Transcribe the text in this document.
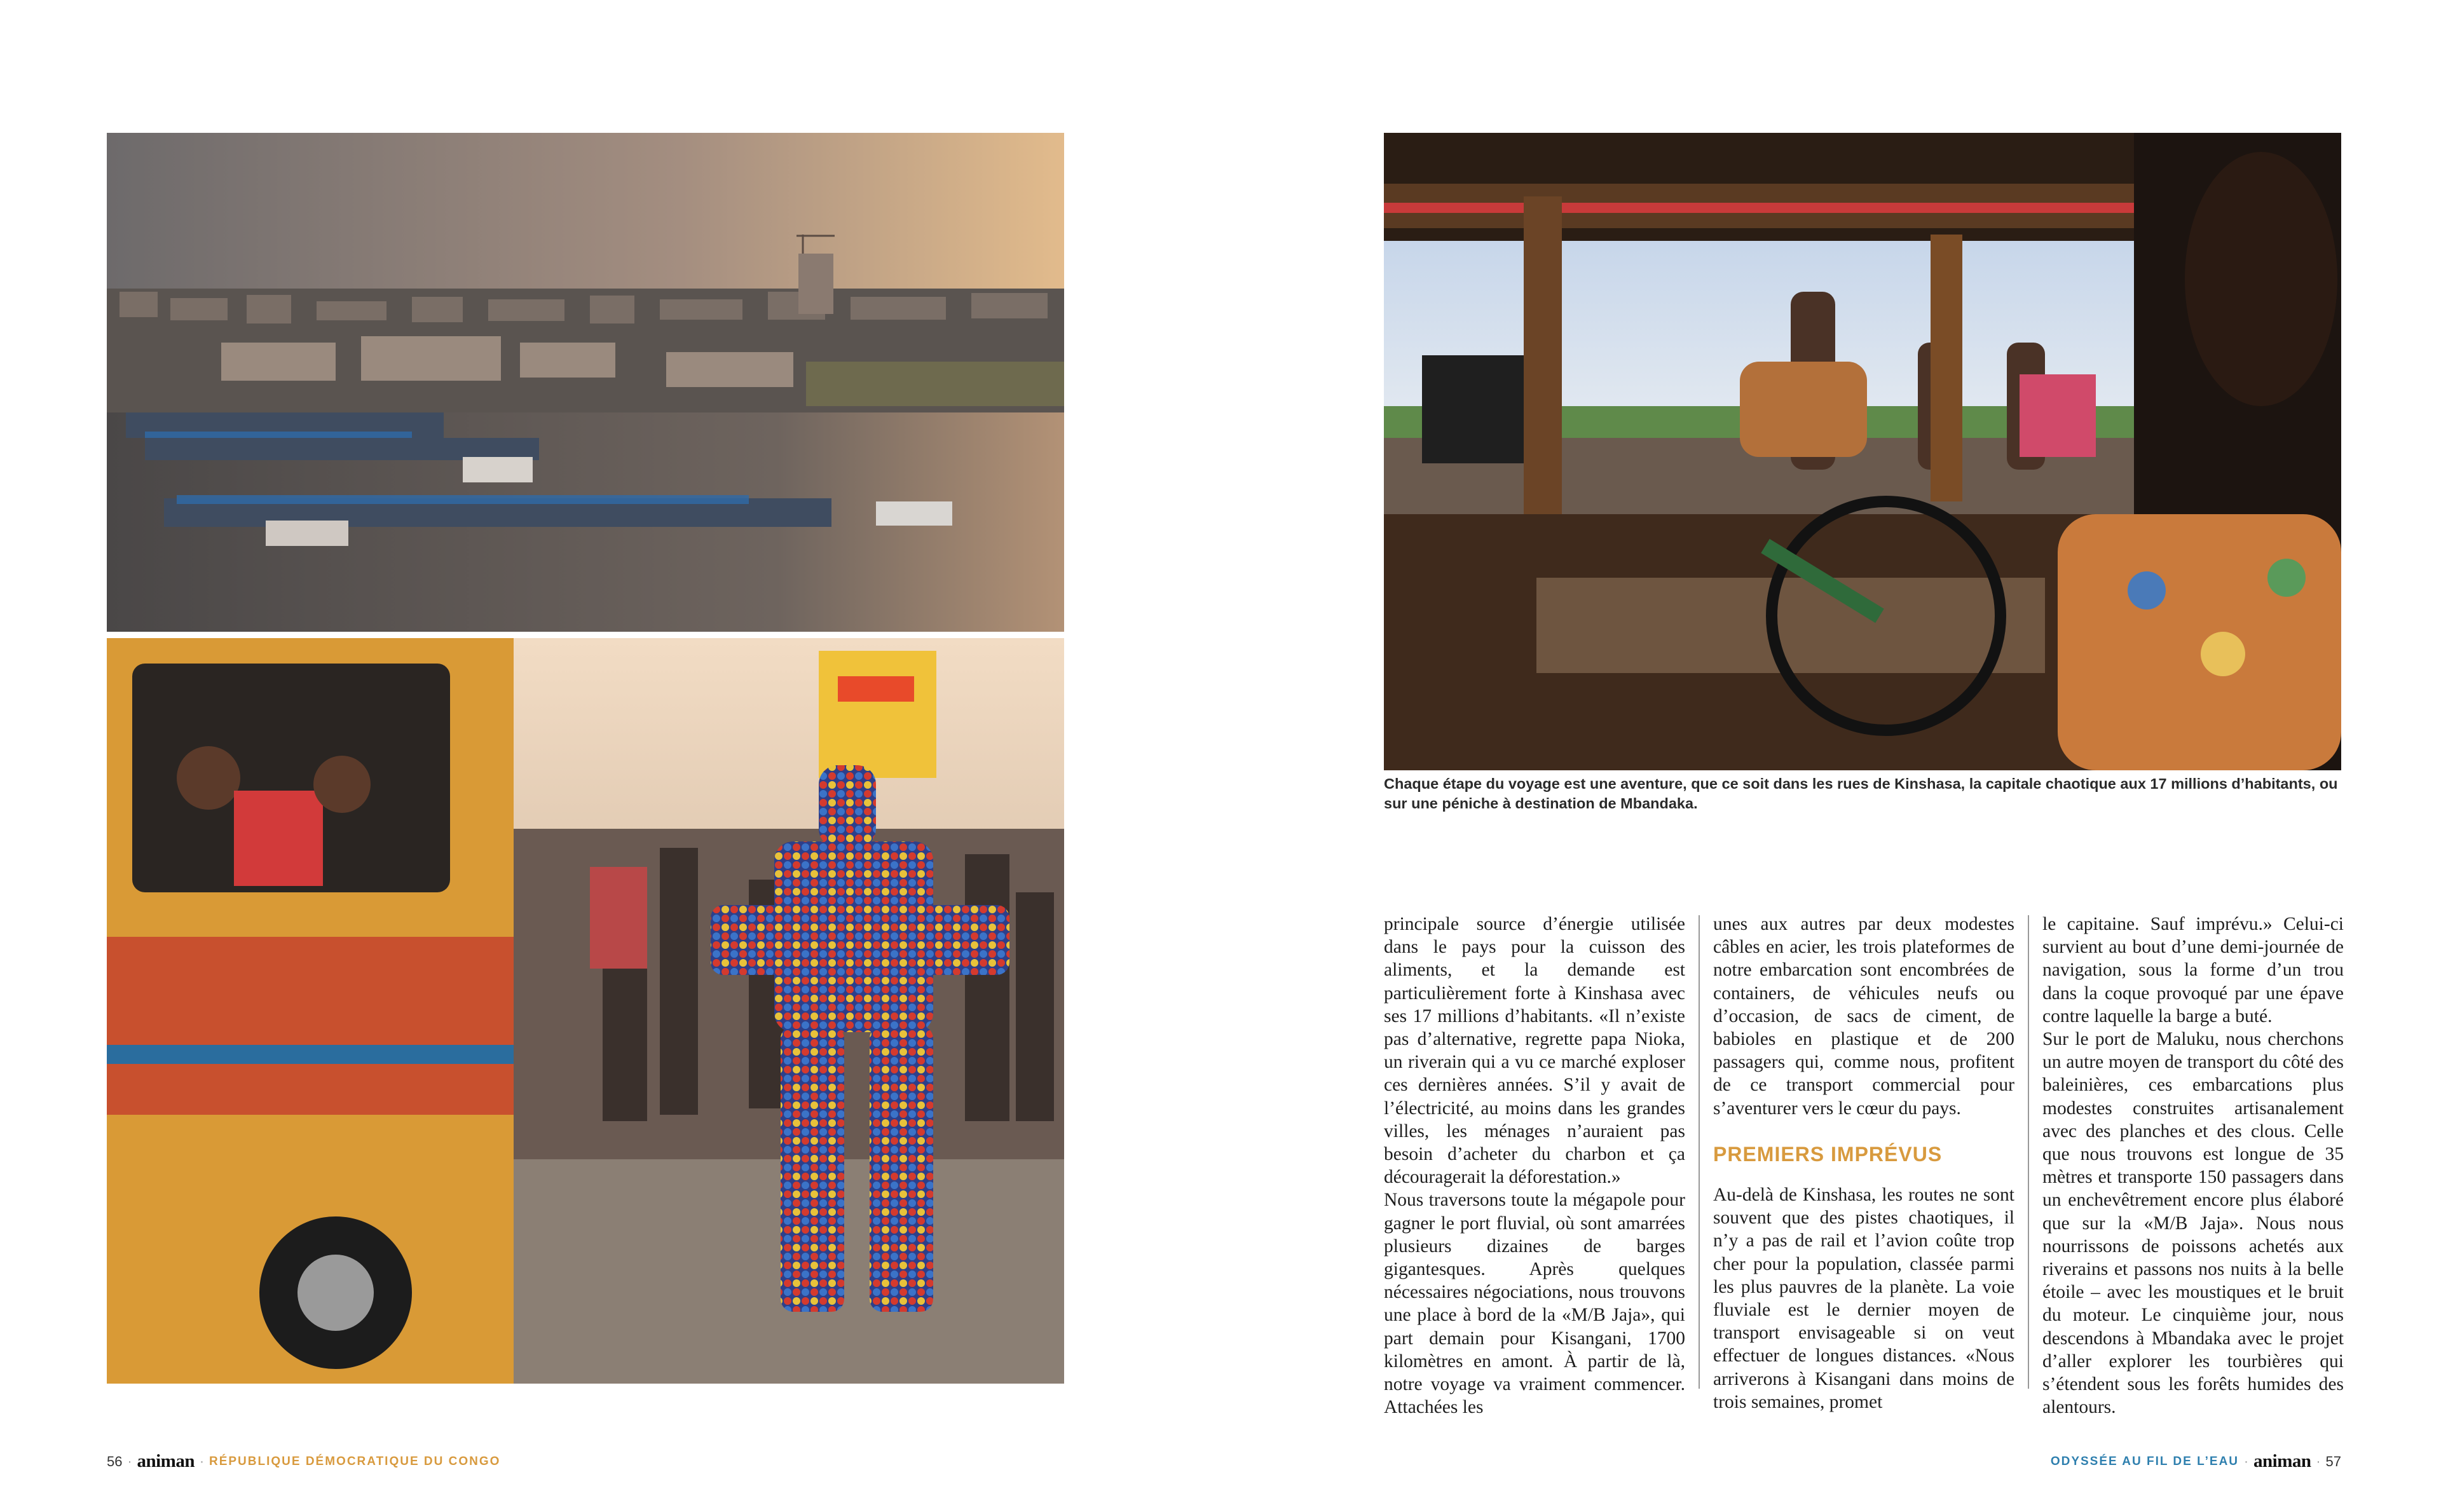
Chaque étape du voyage est une aventure, que ce soit dans les rues de Kinshasa, la capitale chaotique aux 17 millions d’habitants, ou sur une péniche à destination de Mbandaka.

principale source d’énergie utilisée dans le pays pour la cuisson des aliments, et la demande est particulièrement forte à Kinshasa avec ses 17 millions d’habitants. «Il n’existe pas d’alternative, regrette papa Nioka, un riverain qui a vu ce marché exploser ces dernières années. S’il y avait de l’électricité, au moins dans les grandes villes, les ménages n’auraient pas besoin d’acheter du charbon et ça découragerait la déforestation.»

Nous traversons toute la mégapole pour gagner le port fluvial, où sont amarrées plusieurs dizaines de barges gigantesques. Après quelques nécessaires négociations, nous trouvons une place à bord de la «M/B Jaja», qui part demain pour Kisangani, 1700 kilomètres en amont. À partir de là, notre voyage va vraiment commencer. Attachées les

unes aux autres par deux modestes câbles en acier, les trois plateformes de notre embarcation sont encombrées de containers, de véhicules neufs ou d’occasion, de sacs de ciment, de babioles en plastique et de 200 passagers qui, comme nous, profitent de ce transport commercial pour s’aventurer vers le cœur du pays.

PREMIERS IMPRÉVUS

Au-delà de Kinshasa, les routes ne sont souvent que des pistes chaotiques, il n’y a pas de rail et l’avion coûte trop cher pour la population, classée parmi les plus pauvres de la planète. La voie fluviale est le dernier moyen de transport envisageable si on veut effectuer de longues distances. «Nous arriverons à Kisangani dans moins de trois semaines, promet

le capitaine. Sauf imprévu.» Celui-ci survient au bout d’une demi-journée de navigation, sous la forme d’un trou dans la coque provoqué par une épave contre laquelle la barge a buté.

Sur le port de Maluku, nous cherchons un autre moyen de transport du côté des baleinières, ces embarcations plus modestes construites artisanalement avec des planches et des clous. Celle que nous trouvons est longue de 35 mètres et transporte 150 passagers dans un enchevêtrement encore plus élaboré que sur la «M/B Jaja». Nous nous nourrissons de poissons achetés aux riverains et passons nos nuits à la belle étoile – avec les moustiques et le bruit du moteur. Le cinquième jour, nous descendons à Mbandaka avec le projet d’aller explorer les tourbières qui s’étendent sous les forêts humides des alentours.

56 · animan · RÉPUBLIQUE DÉMOCRATIQUE DU CONGO	ODYSSÉE AU FIL DE L’EAU · animan · 57
